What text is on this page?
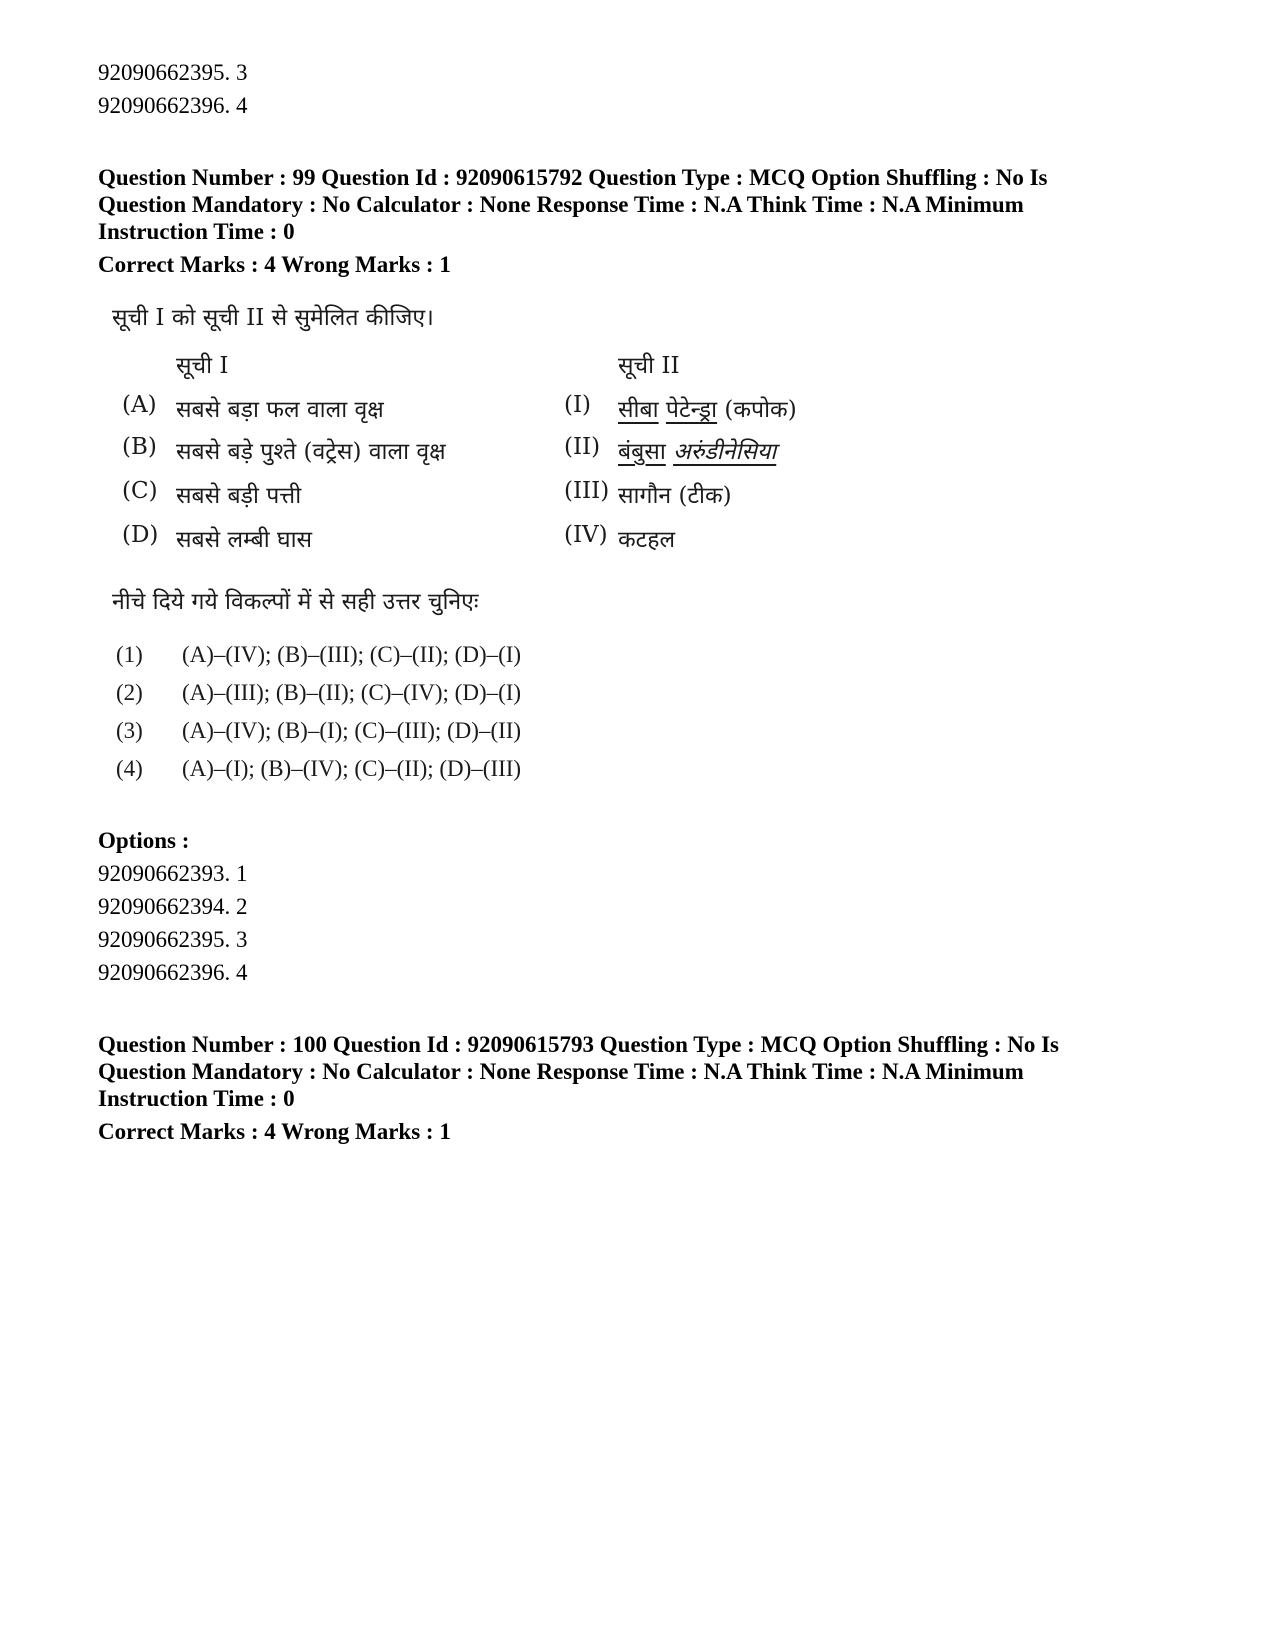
92090662395. 3
92090662396. 4

Question Number : 99 Question Id : 92090615792 Question Type : MCQ Option Shuffling : No Is

Question Mandatory : No Calculator : None Response Time : N.A Think Time : N.A Minimum

Instruction Time : 0

Correct Marks : 4 Wrong Marks : 1

सूची I को सूची II से सुमेलित कीजिए।
सूची I	सूची II
(A) सबसे बड़ा फल वाला वृक्ष
(B) सबसे बड़े पुश्ते (वट्रेस) वाला वृक्ष
(C) सबसे बड़ी पत्ती
(D) सबसे लम्बी घास
(I) सीबा पेटेन्ड्रा (कपोक)
(II) बंबुसा अरुंडीनेसिया
(III) सागौन (टीक)
(IV) कटहल
नीचे दिये गये विकल्पों में से सही उत्तर चुनिएः
(1) (A)–(IV); (B)–(III); (C)–(II); (D)–(I)
(2) (A)–(III); (B)–(II); (C)–(IV); (D)–(I)
(3) (A)–(IV); (B)–(I); (C)–(III); (D)–(II)
(4) (A)–(I); (B)–(IV); (C)–(II); (D)–(III)
Options :
92090662393. 1
92090662394. 2
92090662395. 3
92090662396. 4

Question Number : 100 Question Id : 92090615793 Question Type : MCQ Option Shuffling : No Is

Question Mandatory : No Calculator : None Response Time : N.A Think Time : N.A Minimum

Instruction Time : 0

Correct Marks : 4 Wrong Marks : 1
